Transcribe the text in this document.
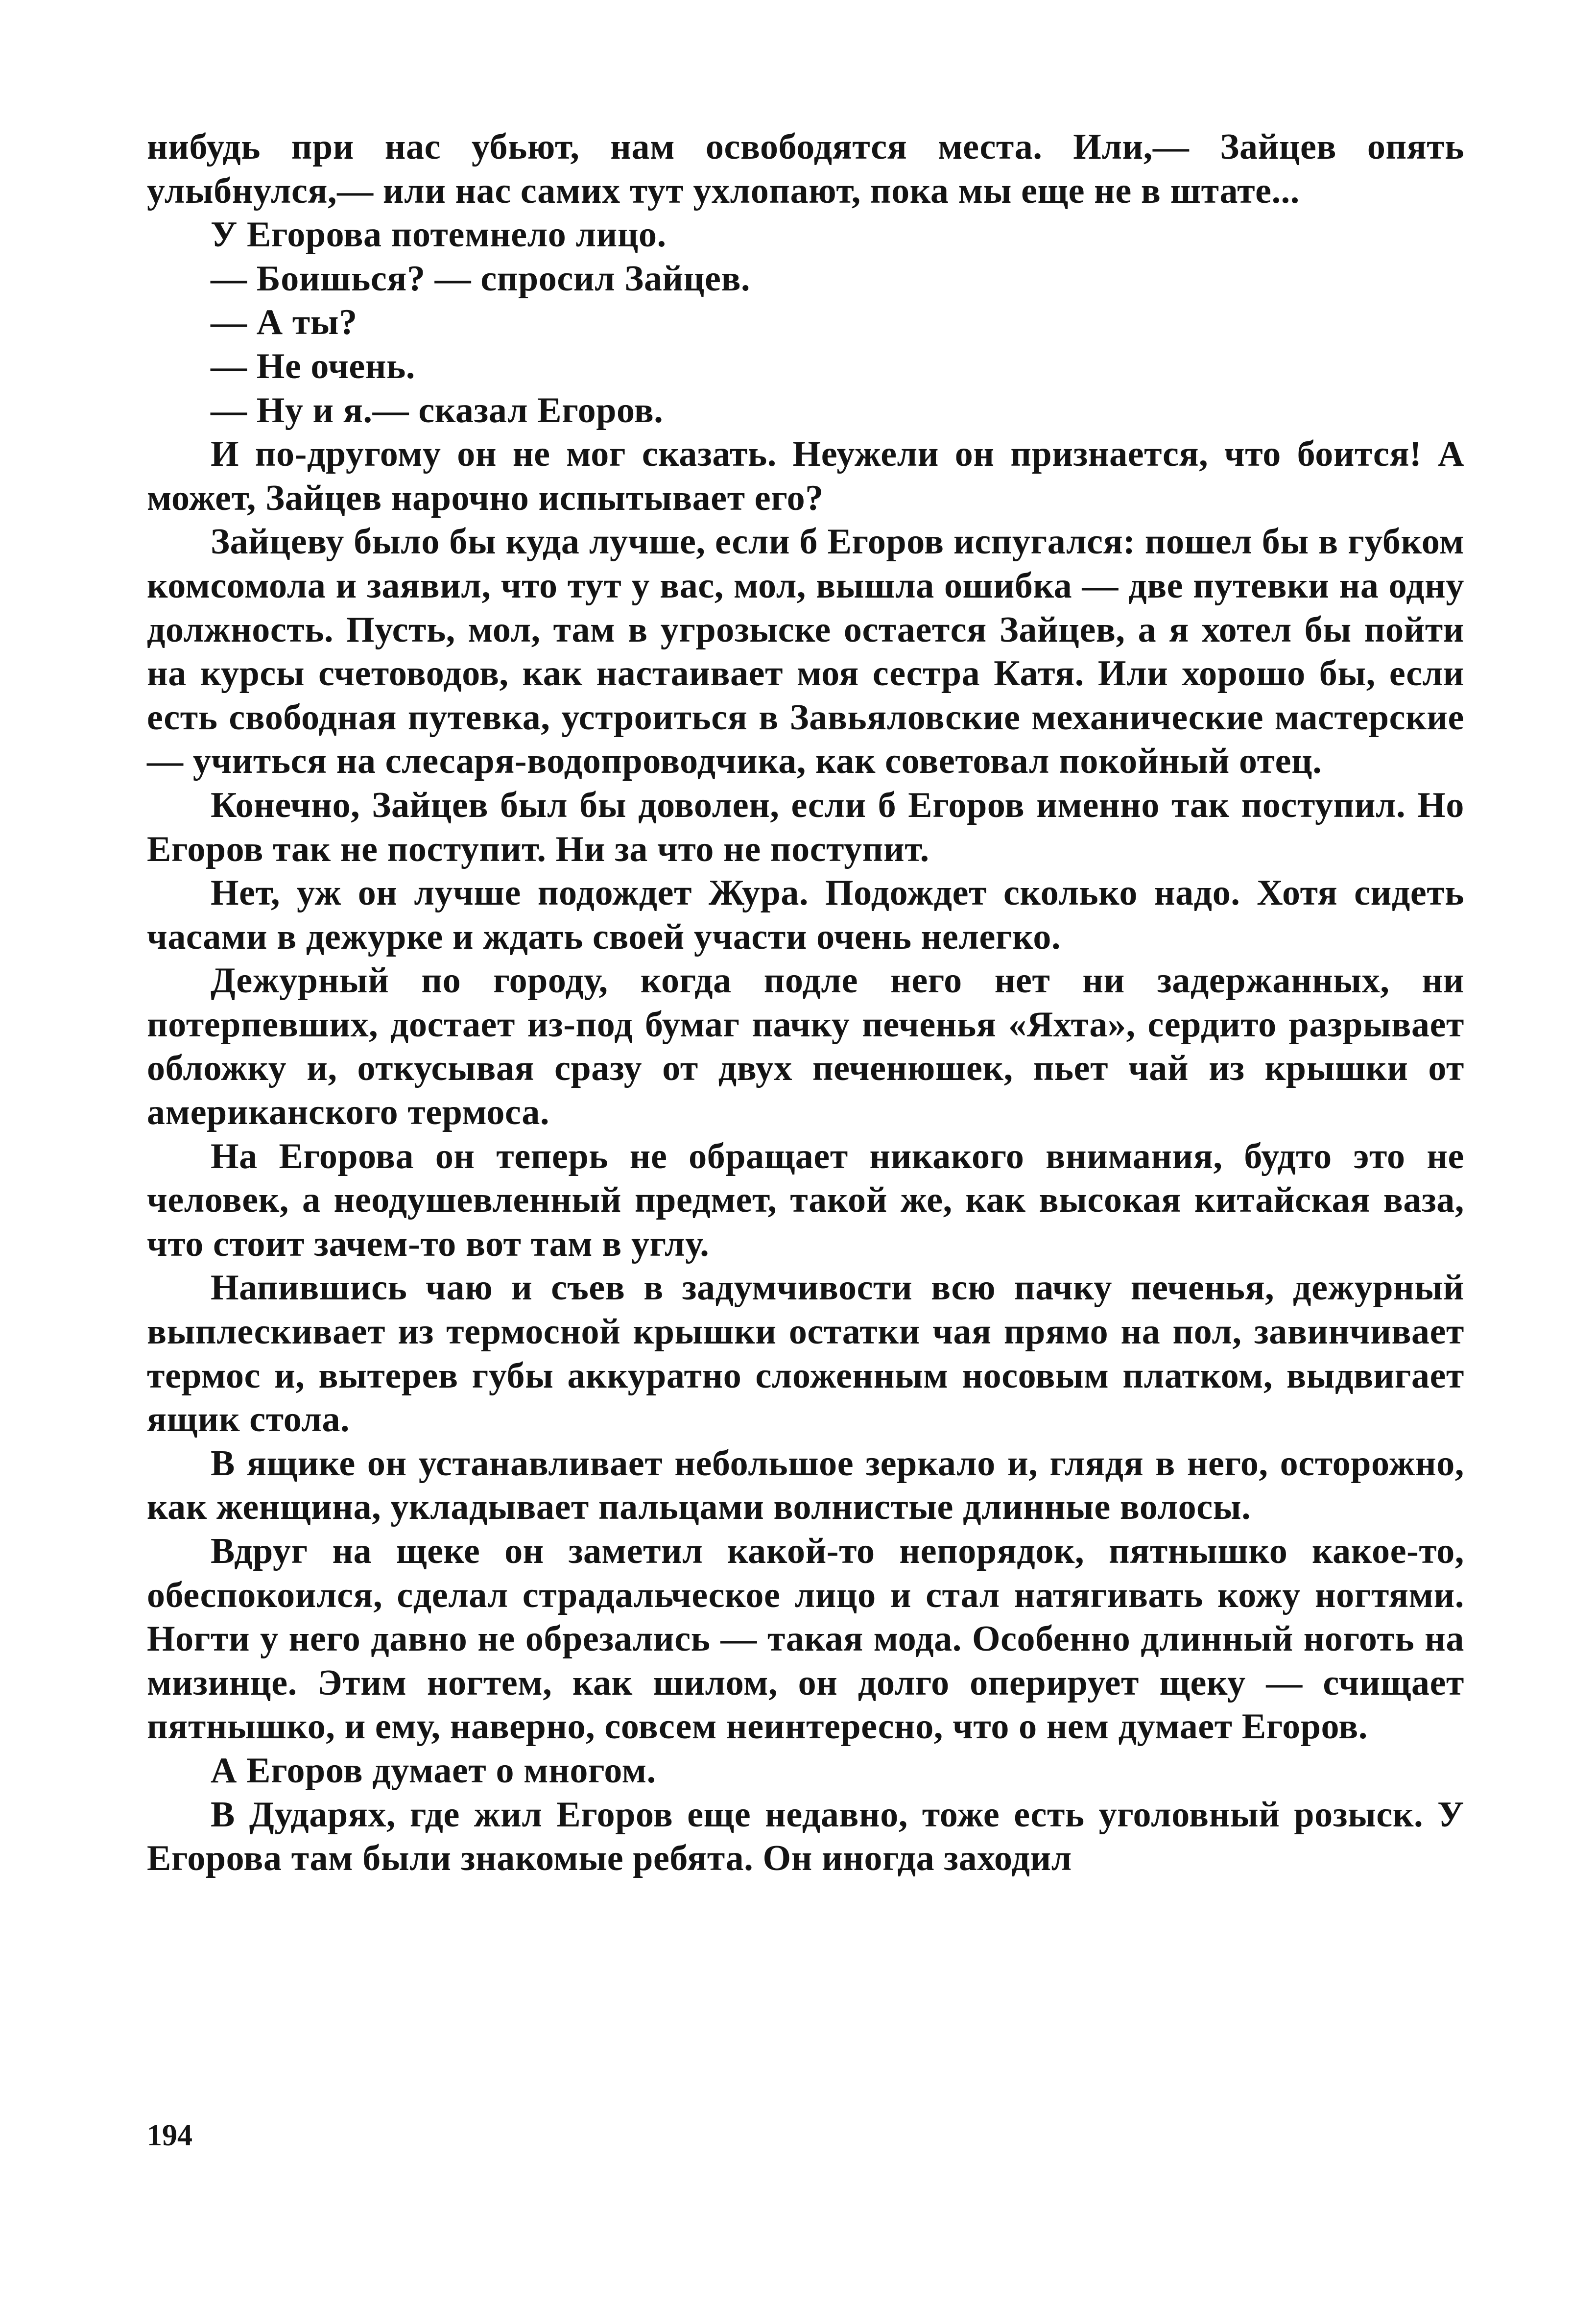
нибудь при нас убьют, нам освободятся места. Или,— Зайцев опять улыбнулся,— или нас самих тут ухлопают, пока мы еще не в штате...

У Егорова потемнело лицо.

— Боишься? — спросил Зайцев.

— А ты?

— Не очень.

— Ну и я.— сказал Егоров.

И по-другому он не мог сказать. Неужели он признается, что боится! А может, Зайцев нарочно испытывает его?

Зайцеву было бы куда лучше, если б Егоров испугался: пошел бы в губком комсомола и заявил, что тут у вас, мол, вышла ошибка — две путевки на одну должность. Пусть, мол, там в угрозыске остается Зайцев, а я хотел бы пойти на курсы счетоводов, как настаивает моя сестра Катя. Или хорошо бы, если есть свободная путевка, устроиться в Завьяловские механические мастерские — учиться на слесаря-водопроводчика, как советовал покойный отец.

Конечно, Зайцев был бы доволен, если б Егоров именно так поступил. Но Егоров так не поступит. Ни за что не поступит.

Нет, уж он лучше подождет Жура. Подождет сколько надо. Хотя сидеть часами в дежурке и ждать своей участи очень нелегко.

Дежурный по городу, когда подле него нет ни задержанных, ни потерпевших, достает из-под бумаг пачку печенья «Яхта», сердито разрывает обложку и, откусывая сразу от двух печенюшек, пьет чай из крышки от американского термоса.

На Егорова он теперь не обращает никакого внимания, будто это не человек, а неодушевленный предмет, такой же, как высокая китайская ваза, что стоит зачем-то вот там в углу.

Напившись чаю и съев в задумчивости всю пачку печенья, дежурный выплескивает из термосной крышки остатки чая прямо на пол, завинчивает термос и, вытерев губы аккуратно сложенным носовым платком, выдвигает ящик стола.

В ящике он устанавливает небольшое зеркало и, глядя в него, осторожно, как женщина, укладывает пальцами волнистые длинные волосы.

Вдруг на щеке он заметил какой-то непорядок, пятнышко какое-то, обеспокоился, сделал страдальческое лицо и стал натягивать кожу ногтями. Ногти у него давно не обрезались — такая мода. Особенно длинный ноготь на мизинце. Этим ногтем, как шилом, он долго оперирует щеку — счищает пятнышко, и ему, наверно, совсем неинтересно, что о нем думает Егоров.

А Егоров думает о многом.

В Дударях, где жил Егоров еще недавно, тоже есть уголовный розыск. У Егорова там были знакомые ребята. Он иногда заходил

194
